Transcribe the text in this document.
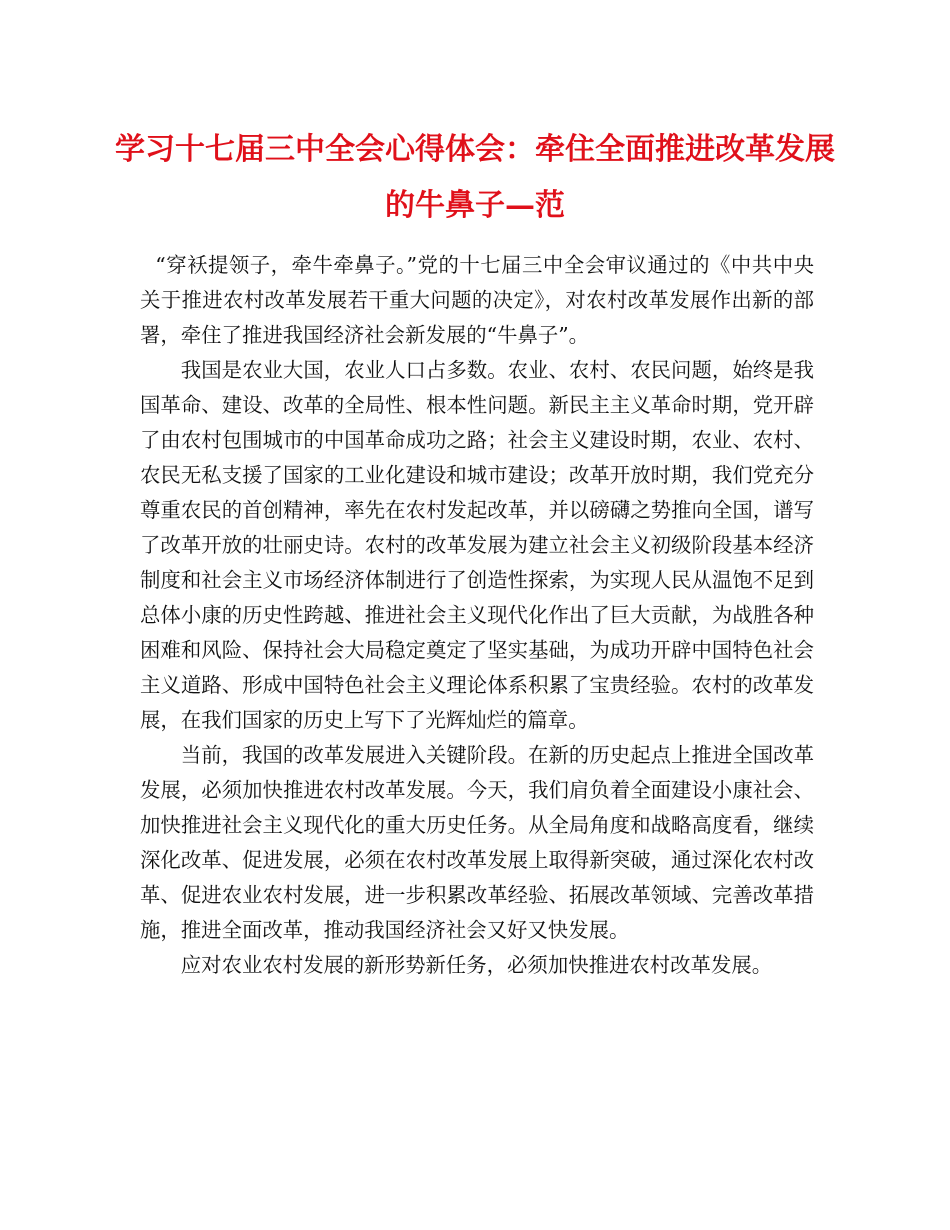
学习十七届三中全会心得体会：牵住全面推进改革发展
的牛鼻子—范

“穿袄提领子，牵牛牵鼻子。”党的十七届三中全会审议通过的《中共中央关于推进农村改革发展若干重大问题的决定》，对农村改革发展作出新的部署，牵住了推进我国经济社会新发展的“牛鼻子”。

我国是农业大国，农业人口占多数。农业、农村、农民问题，始终是我国革命、建设、改革的全局性、根本性问题。新民主主义革命时期，党开辟了由农村包围城市的中国革命成功之路；社会主义建设时期，农业、农村、农民无私支援了国家的工业化建设和城市建设；改革开放时期，我们党充分尊重农民的首创精神，率先在农村发起改革，并以磅礴之势推向全国，谱写了改革开放的壮丽史诗。农村的改革发展为建立社会主义初级阶段基本经济制度和社会主义市场经济体制进行了创造性探索，为实现人民从温饱不足到总体小康的历史性跨越、推进社会主义现代化作出了巨大贡献，为战胜各种困难和风险、保持社会大局稳定奠定了坚实基础，为成功开辟中国特色社会主义道路、形成中国特色社会主义理论体系积累了宝贵经验。农村的改革发展，在我们国家的历史上写下了光辉灿烂的篇章。

当前，我国的改革发展进入关键阶段。在新的历史起点上推进全国改革发展，必须加快推进农村改革发展。今天，我们肩负着全面建设小康社会、加快推进社会主义现代化的重大历史任务。从全局角度和战略高度看，继续深化改革、促进发展，必须在农村改革发展上取得新突破，通过深化农村改革、促进农业农村发展，进一步积累改革经验、拓展改革领域、完善改革措施，推进全面改革，推动我国经济社会又好又快发展。

应对农业农村发展的新形势新任务，必须加快推进农村改革发展。
